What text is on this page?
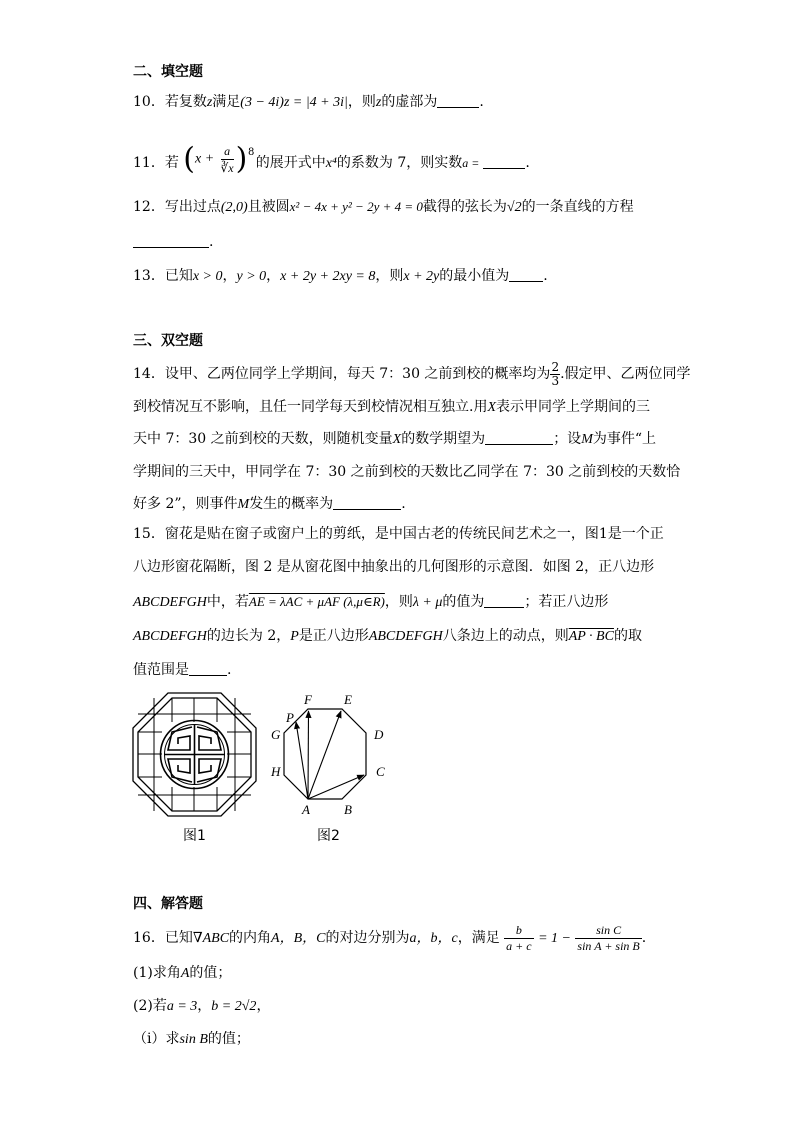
二、填空题
10．若复数z满足(3 − 4i)z = |4 + 3i|，则z的虚部为	.
11．若 ($x + \frac{a}{∛x}$ ) 8
的展开式中x⁴的系数为 7，则实数a =	.
12．写出过点(2,0)且被圆x² − 4x + y² − 2y + 4 = 0截得的弦长为√2的一条直线的方程
.
13．已知x > 0，y > 0，x + 2y + 2xy = 8，则x + 2y的最小值为 .
三、双空题
14．设甲、乙两位同学上学期间，每天 7：30 之前到校的概率均为 $\frac{2}{3}$ .假定甲、乙两位同学
到校情况互不影响，且任一同学每天到校情况相互独立.用X表示甲同学上学期间的三
天中 7：30 之前到校的天数，则随机变量X的数学期望为	；设M为事件“上
学期间的三天中，甲同学在 7：30 之前到校的天数比乙同学在 7：30 之前到校的天数恰
好多 2”，则事件M发生的概率为	.
15．窗花是贴在窗子或窗户上的剪纸，是中国古老的传统民间艺术之一，图1是一个正
八边形窗花隔断，图 2 是从窗花图中抽象出的几何图形的示意图．如图 2，正八边形
ABCDEFGH中，若AE = λAC + μAF (λ,μ∈R)，则λ + μ的值为	；若正八边形
ABCDEFGH的边长为 2，P是正八边形ABCDEFGH八条边上的动点，则AP · BC的取
值范围是	.
图1
F E
P
G	D
H	C
A	B
图2
四、解答题
16．已知∇ABC的内角A，B，C的对边分别为a，b，c，满足 $\frac{b}{a + c} = 1 - \frac{\text{sin C}}{\text{sin A + sin B}}$ .
(1)求角A的值；
(2)若a = 3，b = 2√2，
（ⅰ）求sin B的值；
